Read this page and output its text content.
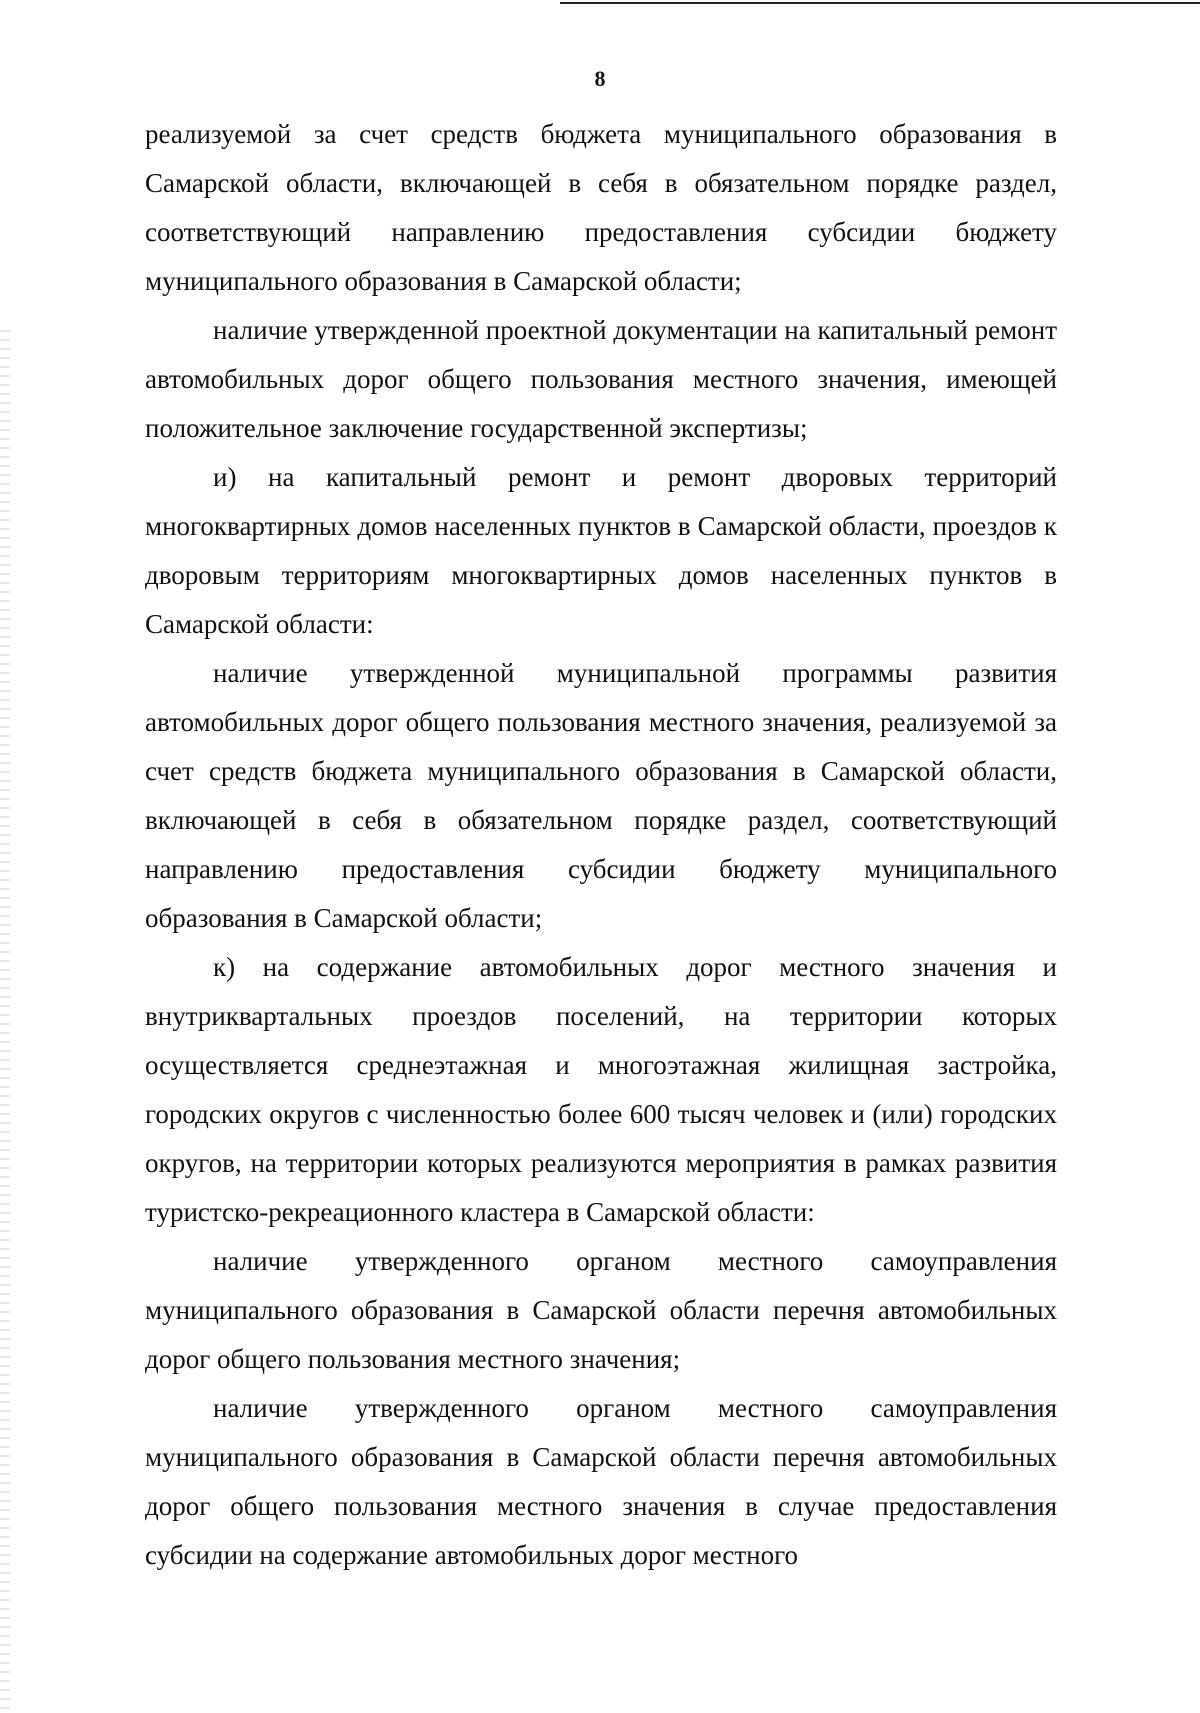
8

реализуемой за счет средств бюджета муниципального образования в Самарской области, включающей в себя в обязательном порядке раздел, соответствующий направлению предоставления субсидии бюджету муниципального образования в Самарской области;

наличие утвержденной проектной документации на капитальный ремонт автомобильных дорог общего пользования местного значения, имеющей положительное заключение государственной экспертизы;

и) на капитальный ремонт и ремонт дворовых территорий многоквартирных домов населенных пунктов в Самарской области, проездов к дворовым территориям многоквартирных домов населенных пунктов в Самарской области:

наличие утвержденной муниципальной программы развития автомобильных дорог общего пользования местного значения, реализуемой за счет средств бюджета муниципального образования в Самарской области, включающей в себя в обязательном порядке раздел, соответствующий направлению предоставления субсидии бюджету муниципального образования в Самарской области;

к) на содержание автомобильных дорог местного значения и внутриквартальных проездов поселений, на территории которых осуществляется среднеэтажная и многоэтажная жилищная застройка, городских округов с численностью более 600 тысяч человек и (или) городских округов, на территории которых реализуются мероприятия в рамках развития туристско-рекреационного кластера в Самарской области:

наличие утвержденного органом местного самоуправления муниципального образования в Самарской области перечня автомобильных дорог общего пользования местного значения;

наличие утвержденного органом местного самоуправления муниципального образования в Самарской области перечня автомобильных дорог общего пользования местного значения в случае предоставления субсидии на содержание автомобильных дорог местного
